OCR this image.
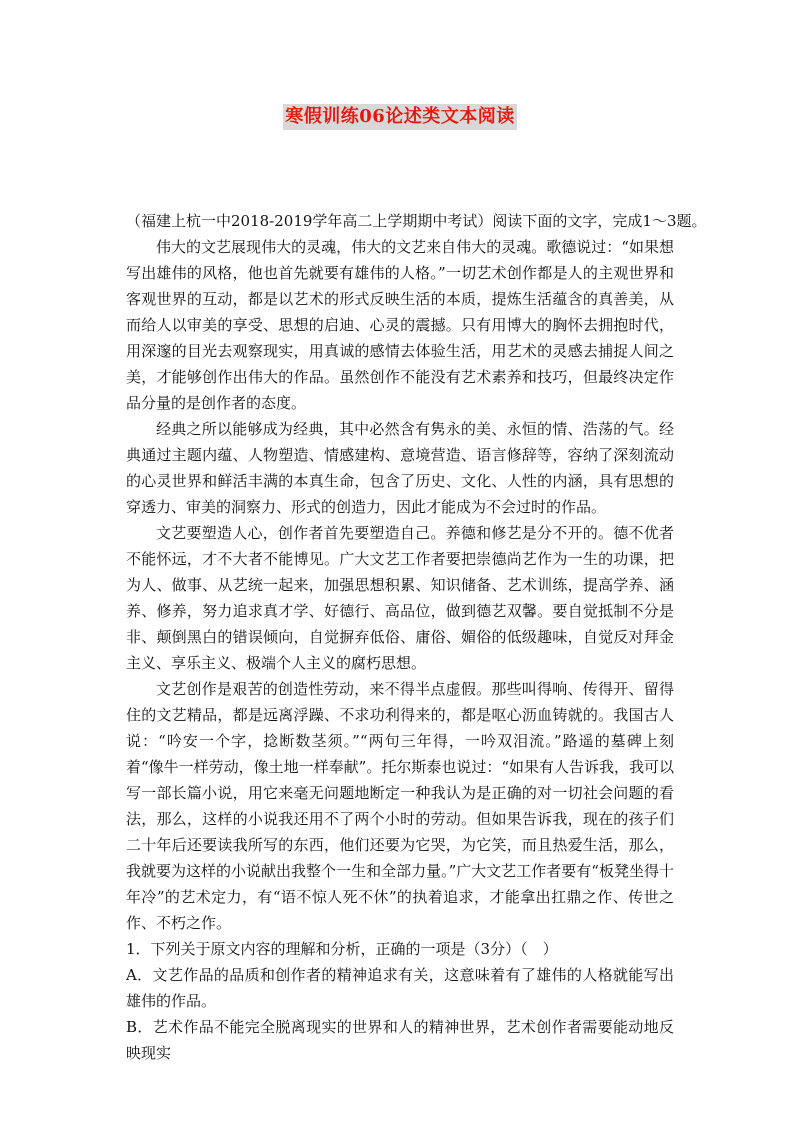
寒假训练06论述类文本阅读

（福建上杭一中2018-2019学年高二上学期期中考试）阅读下面的文字，完成1～3题。

伟大的文艺展现伟大的灵魂，伟大的文艺来自伟大的灵魂。歌德说过：“如果想写出雄伟的风格，他也首先就要有雄伟的人格。”一切艺术创作都是人的主观世界和客观世界的互动，都是以艺术的形式反映生活的本质，提炼生活蕴含的真善美，从而给人以审美的享受、思想的启迪、心灵的震撼。只有用博大的胸怀去拥抱时代，用深邃的目光去观察现实，用真诚的感情去体验生活，用艺术的灵感去捕捉人间之美，才能够创作出伟大的作品。虽然创作不能没有艺术素养和技巧，但最终决定作品分量的是创作者的态度。

经典之所以能够成为经典，其中必然含有隽永的美、永恒的情、浩荡的气。经典通过主题内蕴、人物塑造、情感建构、意境营造、语言修辞等，容纳了深刻流动的心灵世界和鲜活丰满的本真生命，包含了历史、文化、人性的内涵，具有思想的穿透力、审美的洞察力、形式的创造力，因此才能成为不会过时的作品。

文艺要塑造人心，创作者首先要塑造自己。养德和修艺是分不开的。德不优者不能怀远，才不大者不能博见。广大文艺工作者要把崇德尚艺作为一生的功课，把为人、做事、从艺统一起来，加强思想积累、知识储备、艺术训练，提高学养、涵养、修养，努力追求真才学、好德行、高品位，做到德艺双馨。要自觉抵制不分是非、颠倒黑白的错误倾向，自觉摒弃低俗、庸俗、媚俗的低级趣味，自觉反对拜金主义、享乐主义、极端个人主义的腐朽思想。

文艺创作是艰苦的创造性劳动，来不得半点虚假。那些叫得响、传得开、留得住的文艺精品，都是远离浮躁、不求功利得来的，都是呕心沥血铸就的。我国古人说：“吟安一个字，捻断数茎须。”“两句三年得，一吟双泪流。”路遥的墓碑上刻着“像牛一样劳动，像土地一样奉献”。托尔斯泰也说过：“如果有人告诉我，我可以写一部长篇小说，用它来毫无问题地断定一种我认为是正确的对一切社会问题的看法，那么，这样的小说我还用不了两个小时的劳动。但如果告诉我，现在的孩子们二十年后还要读我所写的东西，他们还要为它哭，为它笑，而且热爱生活，那么，我就要为这样的小说献出我整个一生和全部力量。”广大文艺工作者要有“板凳坐得十年冷”的艺术定力，有“语不惊人死不休”的执着追求，才能拿出扛鼎之作、传世之作、不朽之作。

1．下列关于原文内容的理解和分析，正确的一项是（3分）（　）

A．文艺作品的品质和创作者的精神追求有关，这意味着有了雄伟的人格就能写出雄伟的作品。

B．艺术作品不能完全脱离现实的世界和人的精神世界，艺术创作者需要能动地反映现实
